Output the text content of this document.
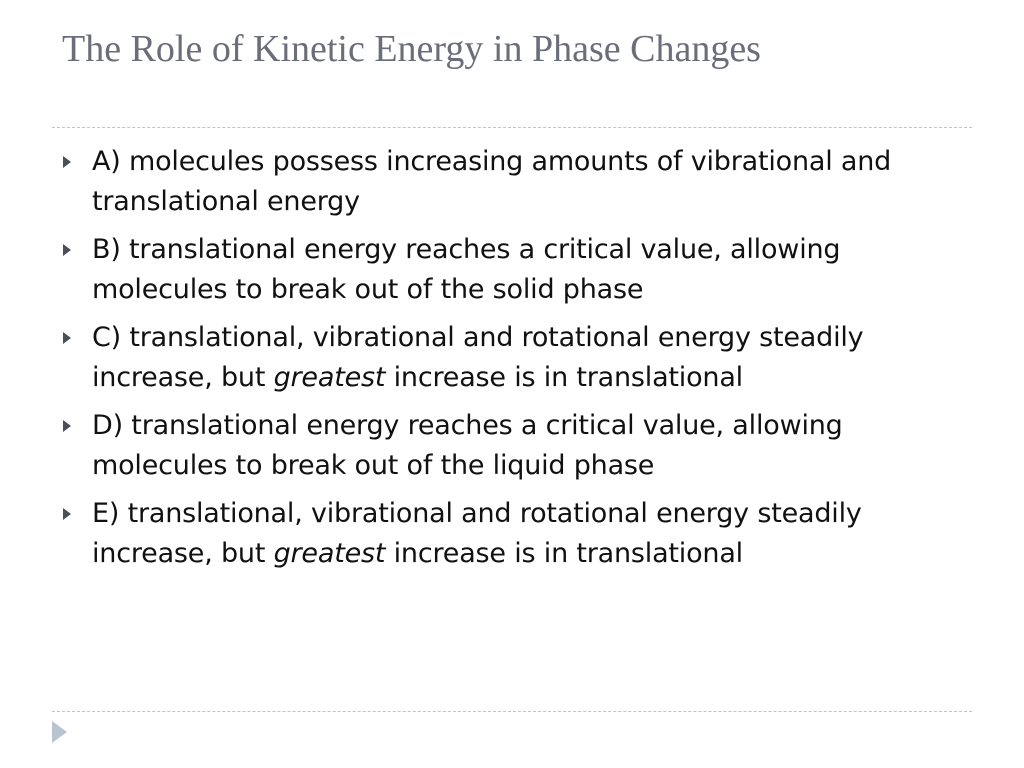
The Role of Kinetic Energy in Phase Changes
A) molecules possess increasing amounts of vibrational and translational energy
B) translational energy reaches a critical value, allowing molecules to break out of the solid phase
C) translational, vibrational and rotational energy steadily increase, but greatest increase is in translational
D) translational energy reaches a critical value, allowing molecules to break out of the liquid phase
E) translational, vibrational and rotational energy steadily increase, but greatest increase is in translational
